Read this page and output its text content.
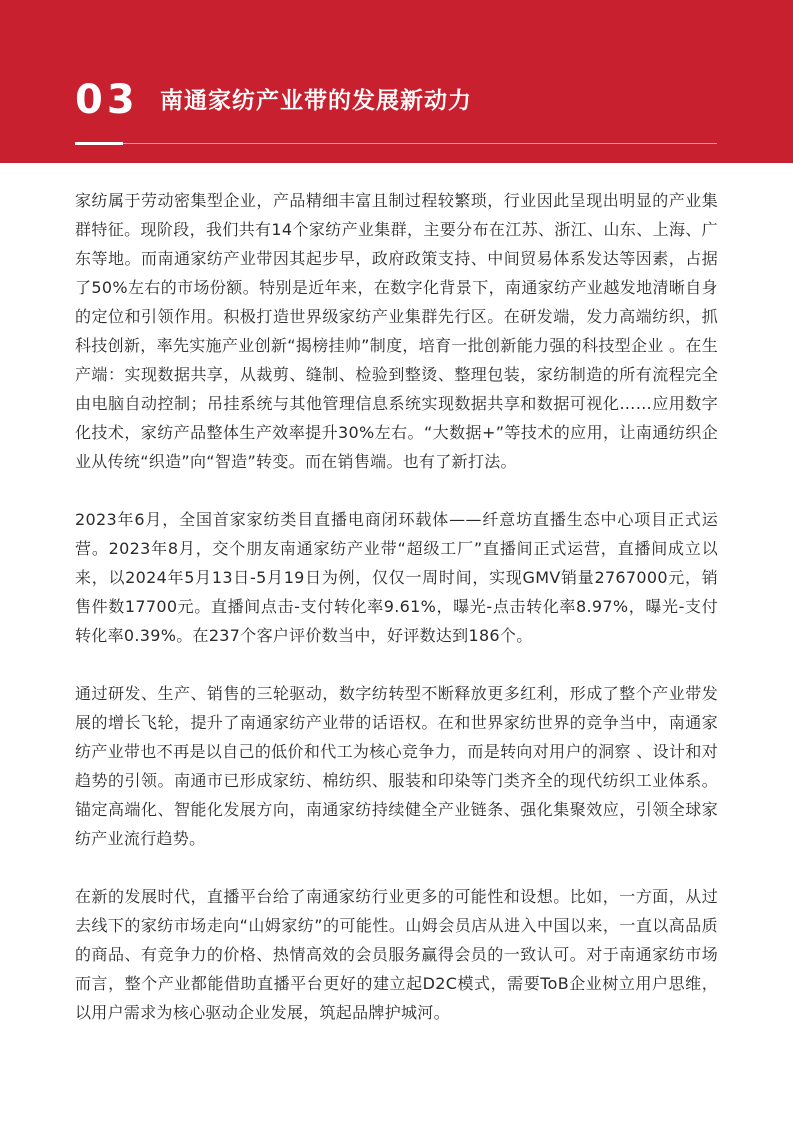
03 南通家纺产业带的发展新动力

家纺属于劳动密集型企业，产品精细丰富且制过程较繁琐，行业因此呈现出明显的产业集群特征。现阶段，我们共有14个家纺产业集群，主要分布在江苏、浙江、山东、上海、广东等地。而南通家纺产业带因其起步早，政府政策支持、中间贸易体系发达等因素，占据了50%左右的市场份额。特别是近年来，在数字化背景下，南通家纺产业越发地清晰自身的定位和引领作用。积极打造世界级家纺产业集群先行区。在研发端，发力高端纺织，抓科技创新，率先实施产业创新“揭榜挂帅”制度，培育一批创新能力强的科技型企业 。在生产端：实现数据共享，从裁剪、缝制、检验到整烫、整理包装，家纺制造的所有流程完全由电脑自动控制；吊挂系统与其他管理信息系统实现数据共享和数据可视化……应用数字化技术，家纺产品整体生产效率提升30%左右。“大数据+”等技术的应用，让南通纺织企业从传统“织造”向“智造”转变。而在销售端。也有了新打法。

2023年6月，全国首家家纺类目直播电商闭环载体——纤意坊直播生态中心项目正式运营。2023年8月，交个朋友南通家纺产业带“超级工厂”直播间正式运营，直播间成立以来，以2024年5月13日-5月19日为例，仅仅一周时间，实现GMV销量2767000元，销售件数17700元。直播间点击-支付转化率9.61%，曝光-点击转化率8.97%，曝光-支付转化率0.39%。在237个客户评价数当中，好评数达到186个。

通过研发、生产、销售的三轮驱动，数字纺转型不断释放更多红利，形成了整个产业带发展的增长飞轮，提升了南通家纺产业带的话语权。在和世界家纺世界的竞争当中，南通家纺产业带也不再是以自己的低价和代工为核心竞争力，而是转向对用户的洞察 、设计和对趋势的引领。南通市已形成家纺、棉纺织、服装和印染等门类齐全的现代纺织工业体系。锚定高端化、智能化发展方向，南通家纺持续健全产业链条、强化集聚效应，引领全球家纺产业流行趋势。

在新的发展时代，直播平台给了南通家纺行业更多的可能性和设想。比如，一方面，从过去线下的家纺市场走向“山姆家纺”的可能性。山姆会员店从进入中国以来，一直以高品质的商品、有竞争力的价格、热情高效的会员服务赢得会员的一致认可。对于南通家纺市场而言，整个产业都能借助直播平台更好的建立起D2C模式，需要ToB企业树立用户思维，以用户需求为核心驱动企业发展，筑起品牌护城河。
